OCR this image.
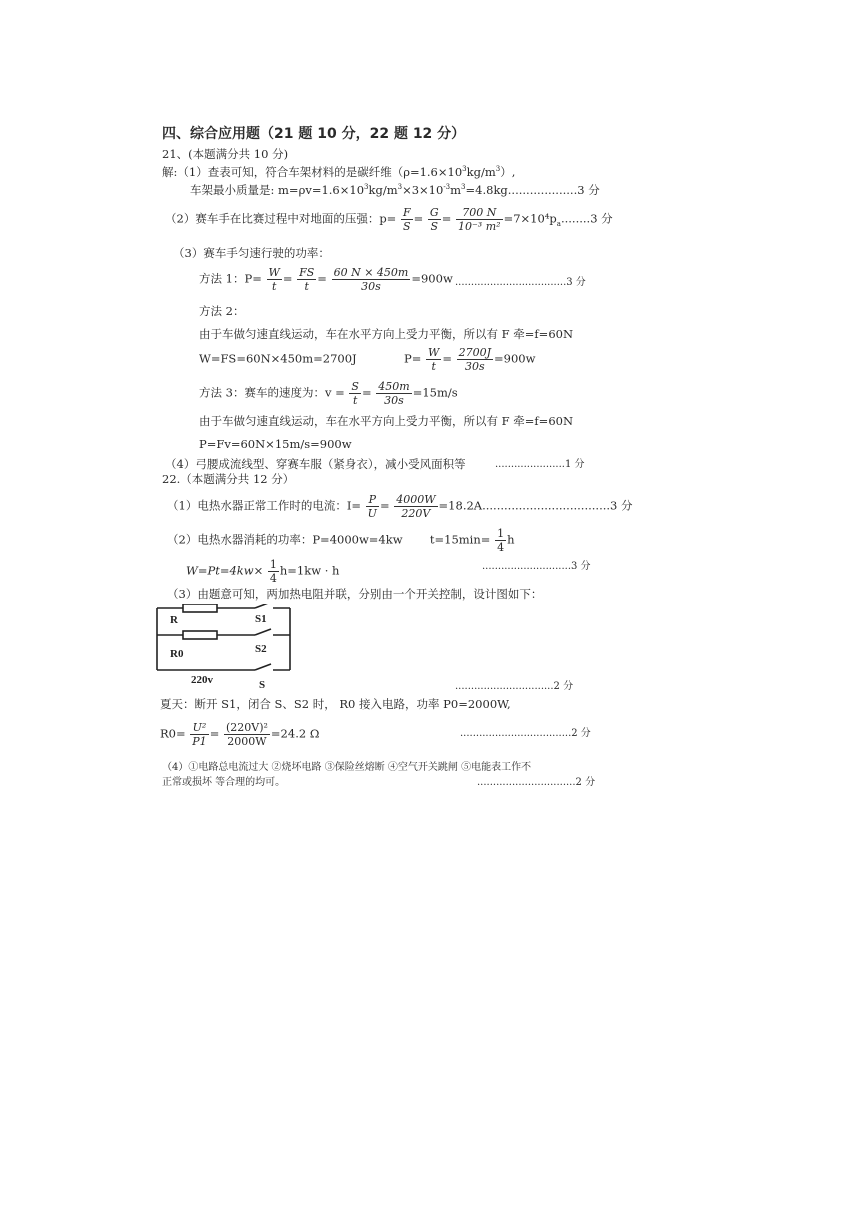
四、综合应用题（21 题 10 分，22 题 12 分）
21、(本题满分共 10 分)
解:（1）查表可知，符合车架材料的是碳纤维$(\rho=1.6\times 10^3kg/m^3)$,
车架最小质量是: $m=\rho v=1.6\times 10^3kg/m^3\times 3\times 10^{-3}m^3=4.8kg...................3$ 分
（2）赛车手在比赛过程中对地面的压强：$p= \frac{F}{S} = \frac{G}{S} = \frac{700 N}{\text{10⁻³ m²}} =7\times 10^4p_a........3$ 分
（3）赛车手匀速行驶的功率：
方法 1：$P= \frac{W}{t} = \frac{FS}{t} = \frac{60 N \times 450m}{30s} =900w$ ...................................3 分
方法 2：
由于车做匀速直线运动，车在水平方向上受力平衡，所以有 F 牵=f=60N
W=FS=60N×450m=2700J	$P= \frac{W}{t} = \frac{2700J}{30s} =900w$
方法 3：赛车的速度为：$v = \frac{S}{t} = \frac{450m}{30s} =15m/s$
由于车做匀速直线运动，车在水平方向上受力平衡，所以有 F 牵=f=60N
P=Fv=60N×15m/s=900w
（4）弓腰成流线型、穿赛车服（紧身衣），减小受风面积等	......................1 分
22.（本题满分共 12 分）
（1）电热水器正常工作时的电流：$I= \frac{P}{U} = \frac{4000W}{220V} =18.2A...................................3$ 分
（2）电热水器消耗的功率：P=4000w=4kw $t=15\min= \frac{1}{4}$ h
$W=Pt=4kw\times \frac{1}{4} h=1kw \cdot h$	............................3 分
（3）由题意可知，两加热电阻并联，分别由一个开关控制，设计图如下：
R	S1
R0	S2
220v	S	...............................2 分
夏天：断开 S1，闭合 S、S2 时， R0 接入电路，功率 P0=2000W,
$R0= \frac{\text{U²}}{P1} = \frac{\text{(220V)²}}{2000W} =24.2$ Ω	...................................2 分
（4）①电路总电流过大 ②烧坏电路 ③保险丝熔断 ④空气开关跳闸 ⑤电能表工作不
正常或损坏 等合理的均可。	...............................2 分
